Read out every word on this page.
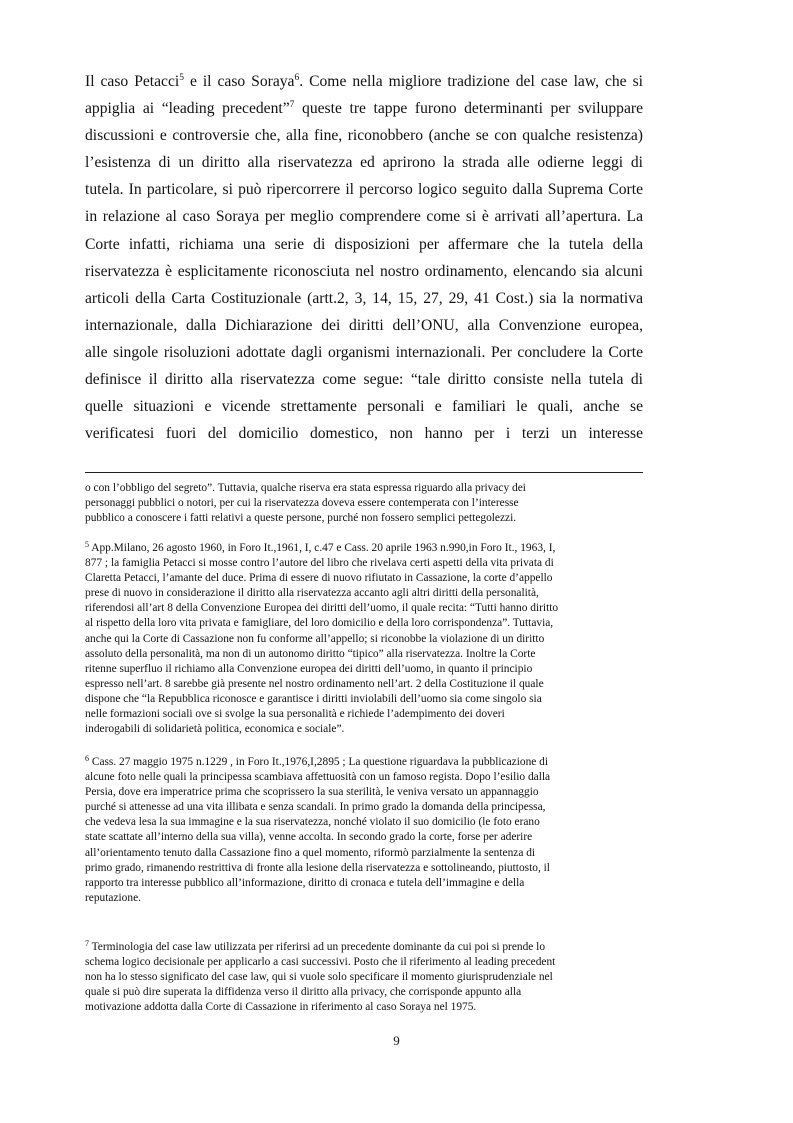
Il caso Petacci$^5$ e il caso Soraya$^6$. Come nella migliore tradizione del case law, che si
appiglia ai “leading precedent”$^7$ queste tre tappe furono determinanti per sviluppare
discussioni e controversie che, alla fine, riconobbero (anche se con qualche resistenza)
l’esistenza di un diritto alla riservatezza ed aprirono la strada alle odierne leggi di
tutela. In particolare, si può ripercorrere il percorso logico seguito dalla Suprema Corte
in relazione al caso Soraya per meglio comprendere come si è arrivati all’apertura. La
Corte infatti, richiama una serie di disposizioni per affermare che la tutela della
riservatezza è esplicitamente riconosciuta nel nostro ordinamento, elencando sia alcuni
articoli della Carta Costituzionale (artt.2, 3, 14, 15, 27, 29, 41 Cost.) sia la normativa
internazionale, dalla Dichiarazione dei diritti dell’ONU, alla Convenzione europea,
alle singole risoluzioni adottate dagli organismi internazionali. Per concludere la Corte
definisce il diritto alla riservatezza come segue: “tale diritto consiste nella tutela di
quelle situazioni e vicende strettamente personali e familiari le quali, anche se
verificatesi fuori del domicilio domestico, non hanno per i terzi un interesse
o con l’obbligo del segreto”. Tuttavia, qualche riserva era stata espressa riguardo alla privacy dei
personaggi pubblici o notori, per cui la riservatezza doveva essere contemperata con l’interesse
pubblico a conoscere i fatti relativi a queste persone, purché non fossero semplici pettegolezzi.
$^5$ App.Milano, 26 agosto 1960, in Foro It.,1961, I, c.47 e Cass. 20 aprile 1963 n.990,in Foro It., 1963, I,
877 ; la famiglia Petacci si mosse contro l’autore del libro che rivelava certi aspetti della vita privata di
Claretta Petacci, l’amante del duce. Prima di essere di nuovo rifiutato in Cassazione, la corte d’appello
prese di nuovo in considerazione il diritto alla riservatezza accanto agli altri diritti della personalità,
riferendosi all’art 8 della Convenzione Europea dei diritti dell’uomo, il quale recita: “Tutti hanno diritto
al rispetto della loro vita privata e famigliare, del loro domicilio e della loro corrispondenza”. Tuttavia,
anche qui la Corte di Cassazione non fu conforme all’appello; si riconobbe la violazione di un diritto
assoluto della personalità, ma non di un autonomo diritto “tipico” alla riservatezza. Inoltre la Corte
ritenne superfluo il richiamo alla Convenzione europea dei diritti dell’uomo, in quanto il principio
espresso nell’art. 8 sarebbe già presente nel nostro ordinamento nell’art. 2 della Costituzione il quale
dispone che “la Repubblica riconosce e garantisce i diritti inviolabili dell’uomo sia come singolo sia
nelle formazioni sociali ove si svolge la sua personalità e richiede l’adempimento dei doveri
inderogabili di solidarietà politica, economica e sociale”.
$^6$ Cass. 27 maggio 1975 n.1229 , in Foro It.,1976,I,2895 ; La questione riguardava la pubblicazione di
alcune foto nelle quali la principessa scambiava affettuosità con un famoso regista. Dopo l’esilio dalla
Persia, dove era imperatrice prima che scoprissero la sua sterilità, le veniva versato un appannaggio
purché si attenesse ad una vita illibata e senza scandali. In primo grado la domanda della principessa,
che vedeva lesa la sua immagine e la sua riservatezza, nonché violato il suo domicilio (le foto erano
state scattate all’interno della sua villa), venne accolta. In secondo grado la corte, forse per aderire
all’orientamento tenuto dalla Cassazione fino a quel momento, riformò parzialmente la sentenza di
primo grado, rimanendo restrittiva di fronte alla lesione della riservatezza e sottolineando, piuttosto, il
rapporto tra interesse pubblico all’informazione, diritto di cronaca e tutela dell’immagine e della
reputazione.
$^7$ Terminologia del case law utilizzata per riferirsi ad un precedente dominante da cui poi si prende lo
schema logico decisionale per applicarlo a casi successivi. Posto che il riferimento al leading precedent
non ha lo stesso significato del case law, qui si vuole solo specificare il momento giurisprudenziale nel
quale si può dire superata la diffidenza verso il diritto alla privacy, che corrisponde appunto alla
motivazione addotta dalla Corte di Cassazione in riferimento al caso Soraya nel 1975.
9
